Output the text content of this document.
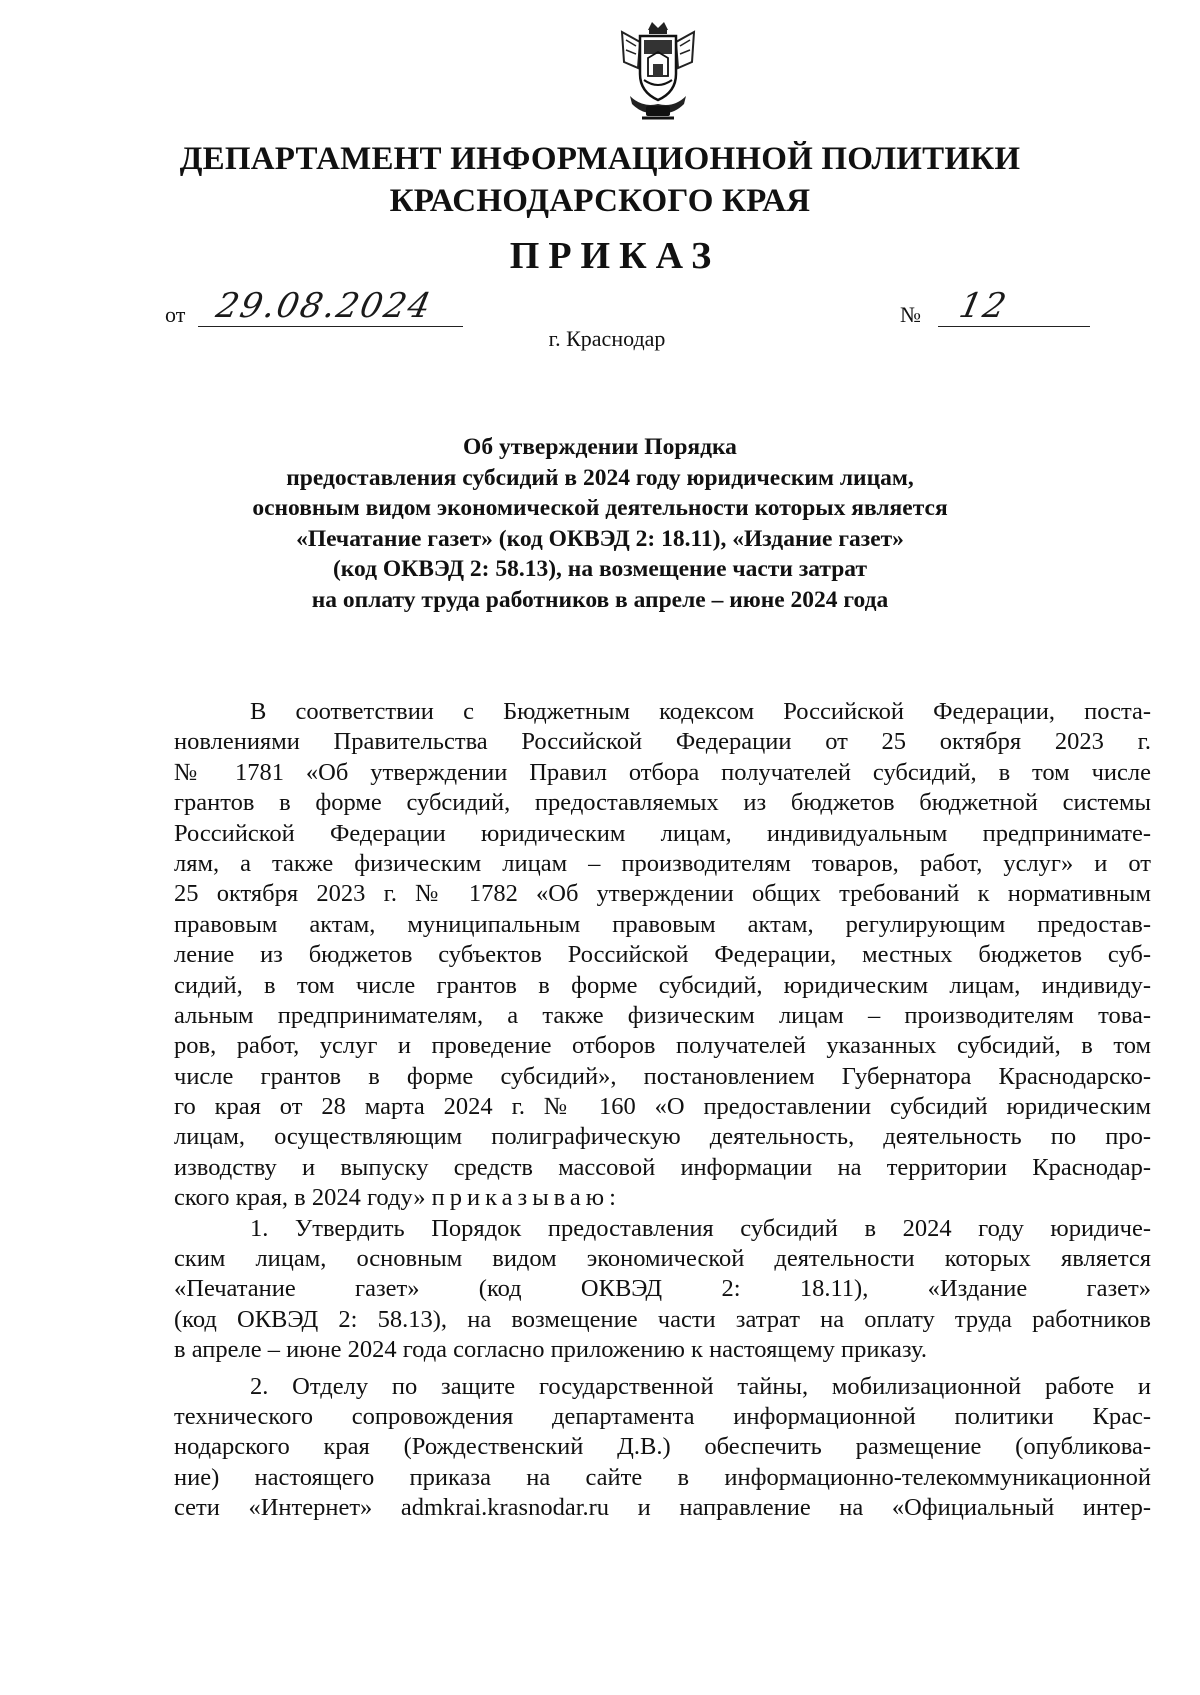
ДЕПАРТАМЕНТ ИНФОРМАЦИОННОЙ ПОЛИТИКИ
КРАСНОДАРСКОГО КРАЯ
ПРИКАЗ
от 29.08.2024	№ 12
г. Краснодар
Об утверждении Порядка
предоставления субсидий в 2024 году юридическим лицам,
основным видом экономической деятельности которых является
«Печатание газет» (код ОКВЭД 2: 18.11), «Издание газет»
(код ОКВЭД 2: 58.13), на возмещение части затрат
на оплату труда работников в апреле – июне 2024 года
В соответствии с Бюджетным кодексом Российской Федерации, поста-
новлениями Правительства Российской Федерации от 25 октября 2023 г.
№ 1781 «Об утверждении Правил отбора получателей субсидий, в том числе
грантов в форме субсидий, предоставляемых из бюджетов бюджетной системы
Российской Федерации юридическим лицам, индивидуальным предпринимате-
лям, а также физическим лицам – производителям товаров, работ, услуг» и от
25 октября 2023 г. № 1782 «Об утверждении общих требований к нормативным
правовым актам, муниципальным правовым актам, регулирующим предостав-
ление из бюджетов субъектов Российской Федерации, местных бюджетов суб-
сидий, в том числе грантов в форме субсидий, юридическим лицам, индивиду-
альным предпринимателям, а также физическим лицам – производителям това-
ров, работ, услуг и проведение отборов получателей указанных субсидий, в том
числе грантов в форме субсидий», постановлением Губернатора Краснодарско-
го края от 28 марта 2024 г. № 160 «О предоставлении субсидий юридическим
лицам, осуществляющим полиграфическую деятельность, деятельность по про-
изводству и выпуску средств массовой информации на территории Краснодар-
ского края, в 2024 году» приказываю:
1. Утвердить Порядок предоставления субсидий в 2024 году юридиче-
ским лицам, основным видом экономической деятельности которых является
«Печатание газет» (код ОКВЭД 2: 18.11), «Издание газет»
(код ОКВЭД 2: 58.13), на возмещение части затрат на оплату труда работников
в апреле – июне 2024 года согласно приложению к настоящему приказу.
2. Отделу по защите государственной тайны, мобилизационной работе и
технического сопровождения департамента информационной политики Крас-
нодарского края (Рождественский Д.В.) обеспечить размещение (опубликова-
ние) настоящего приказа на сайте в информационно-телекоммуникационной
сети «Интернет» admkrai.krasnodar.ru и направление на «Официальный интер-
